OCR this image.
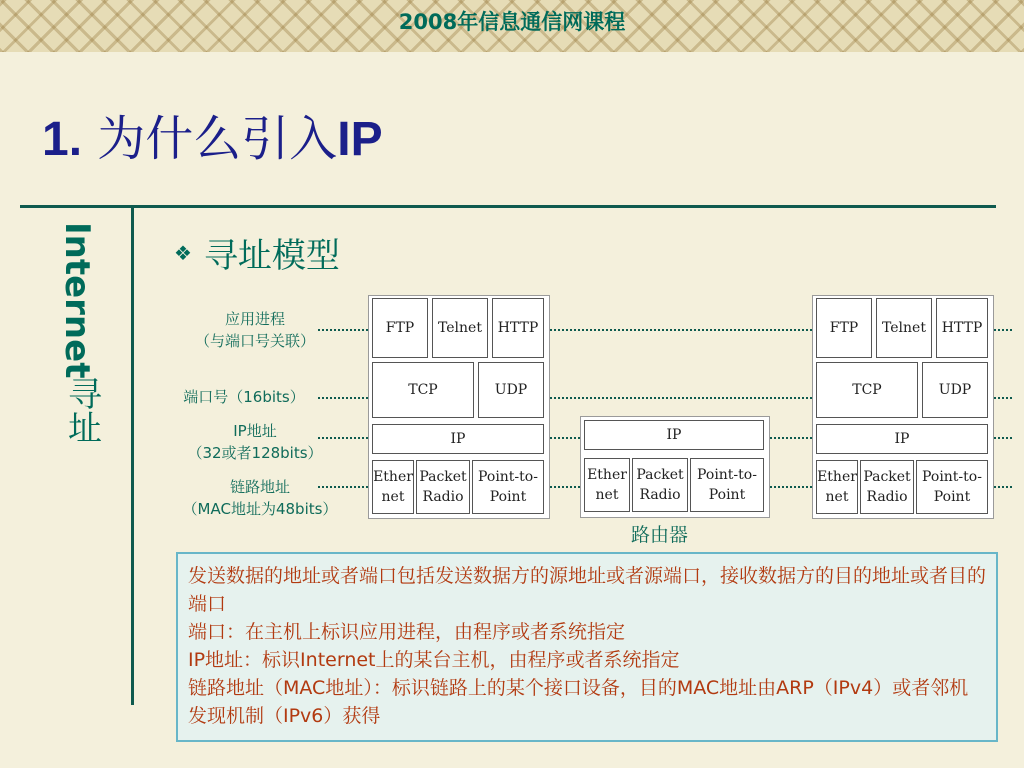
2008年信息通信网课程
1. 为什么引入IP
Internet
寻址
❖ 寻址模型
应用进程
（与端口号关联）
端口号（16bits）
IP地址
（32或者128bits）
链路地址
（MAC地址为48bits）
FTP	Telnet	HTTP
TCP	UDP
IP
Ether net
Packet Radio
Point-to-Point
IP
Ether net
Packet Radio
Point-to-Point
路由器
FTP	Telnet	HTTP
TCP	UDP
IP
Ether net
Packet Radio
Point-to-Point

发送数据的地址或者端口包括发送数据方的源地址或者源端口，接收数据方的目的地址或者目的端口

端口：在主机上标识应用进程，由程序或者系统指定

IP地址：标识Internet上的某台主机，由程序或者系统指定

链路地址（MAC地址）：标识链路上的某个接口设备，目的MAC地址由ARP（IPv4）或者邻机发现机制（IPv6）获得
